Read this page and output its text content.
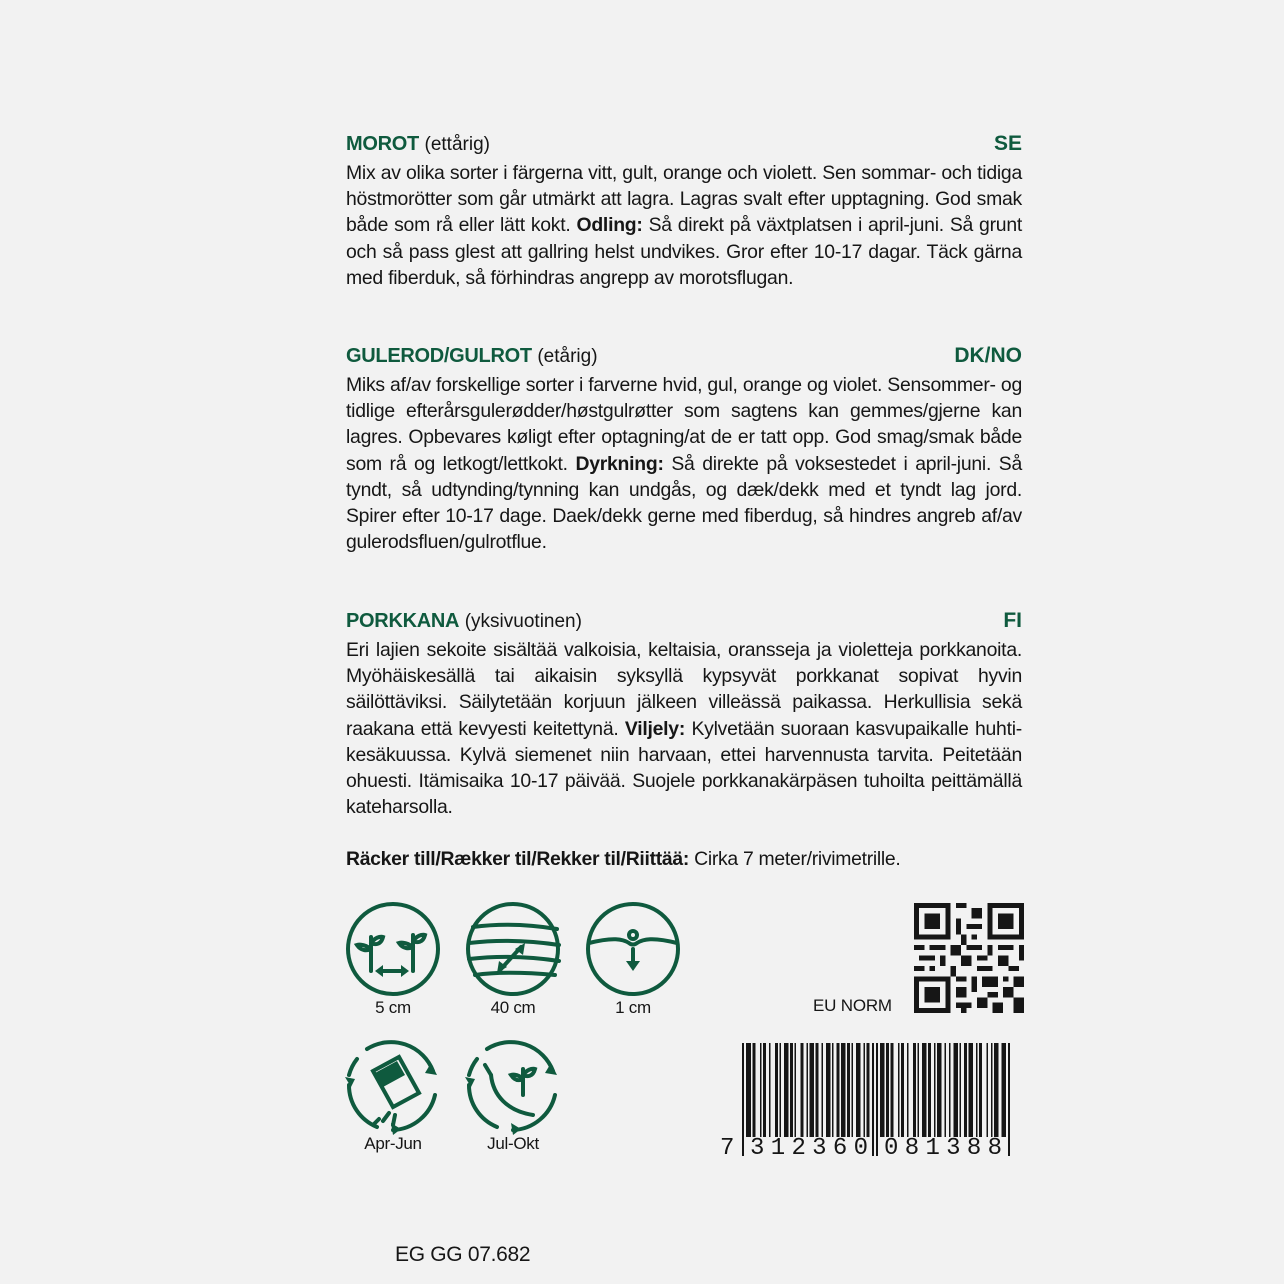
MOROT (ettårig)	SE
Mix av olika sorter i färgerna vitt, gult, orange och violett. Sen sommar- och tidiga höstmorötter som går utmärkt att lagra. Lagras svalt efter upptagning. God smak både som rå eller lätt kokt. Odling: Så direkt på växtplatsen i april-juni. Så grunt och så pass glest att gallring helst undvikes. Gror efter 10-17 dagar. Täck gärna med fiberduk, så förhindras angrepp av morotsflugan.
GULEROD/GULROT (etårig)	DK/NO
Miks af/av forskellige sorter i farverne hvid, gul, orange og violet. Sensommer- og tidlige efterårsgulerødder/høstgulrøtter som sagtens kan gemmes/gjerne kan lagres. Opbevares køligt efter optagning/at de er tatt opp. God smag/smak både som rå og letkogt/lettkokt. Dyrkning: Så direkte på voksestedet i april-juni. Så tyndt, så udtynding/tynning kan undgås, og dæk/dekk med et tyndt lag jord. Spirer efter 10-17 dage. Daek/dekk gerne med fiberdug, så hindres angreb af/av gulerodsfluen/gulrotflue.
PORKKANA (yksivuotinen)	FI
Eri lajien sekoite sisältää valkoisia, keltaisia, oransseja ja violetteja porkkanoita. Myöhäiskesällä tai aikaisin syksyllä kypsyvät porkkanat sopivat hyvin säilöttäviksi. Säilytetään korjuun jälkeen villeässä paikassa. Herkullisia sekä raakana että kevyesti keitettynä. Viljely: Kylvetään suoraan kasvupaikalle huhti-kesäkuussa. Kylvä siemenet niin harvaan, ettei harvennusta tarvita. Peitetään ohuesti. Itämisaika 10-17 päivää. Suojele porkkanakärpäsen tuhoilta peittämällä kateharsolla.
Räcker till/Rækker til/Rekker til/Riittää: Cirka 7 meter/rivimetrille.
5 cm	40 cm	1 cm
Apr-Jun	Jul-Okt
EU NORM
7 312360 081388
EG GG 07.682
